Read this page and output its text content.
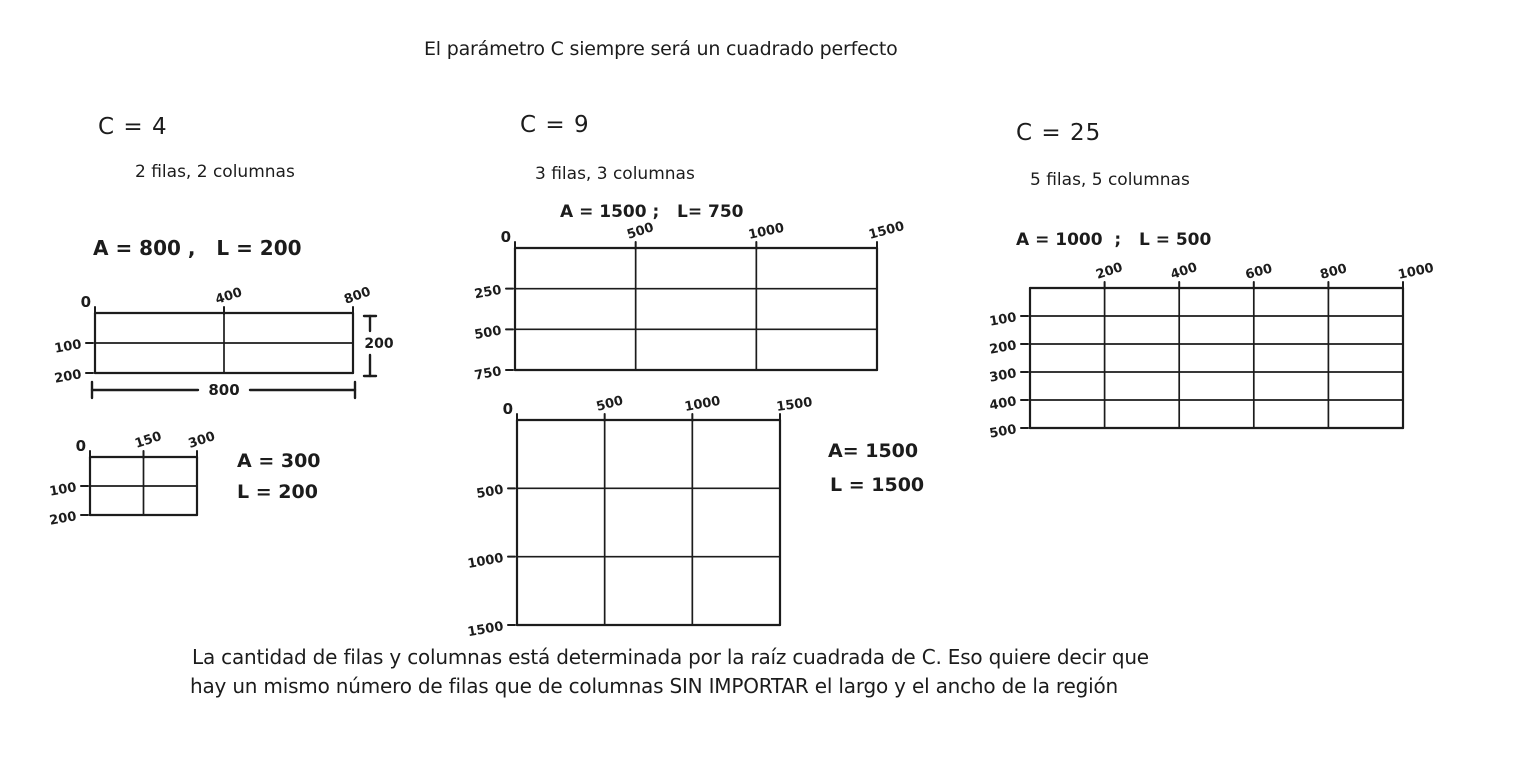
El parámetro C siempre será un cuadrado perfecto
C = 4
2 filas, 2 columnas
A = 800 ,   L = 200
A = 300
L = 200
C = 9
3 filas, 3 columnas
A = 1500 ;   L= 750
A= 1500
L = 1500
C = 25
5 filas, 5 columnas
A = 1000  ;   L = 500
La cantidad de filas y columnas está determinada por la raíz cuadrada de C. Eso quiere decir que
hay un mismo número de filas que de columnas SIN IMPORTAR el largo y el ancho de la región
0	400	800
100
200
800
200
0	150 300
100
200
0	500	1000	1500
250
500
750
0	500	1000	1500
500
1000
1500
200	400	600	800	1000
100
200
300
400
500
